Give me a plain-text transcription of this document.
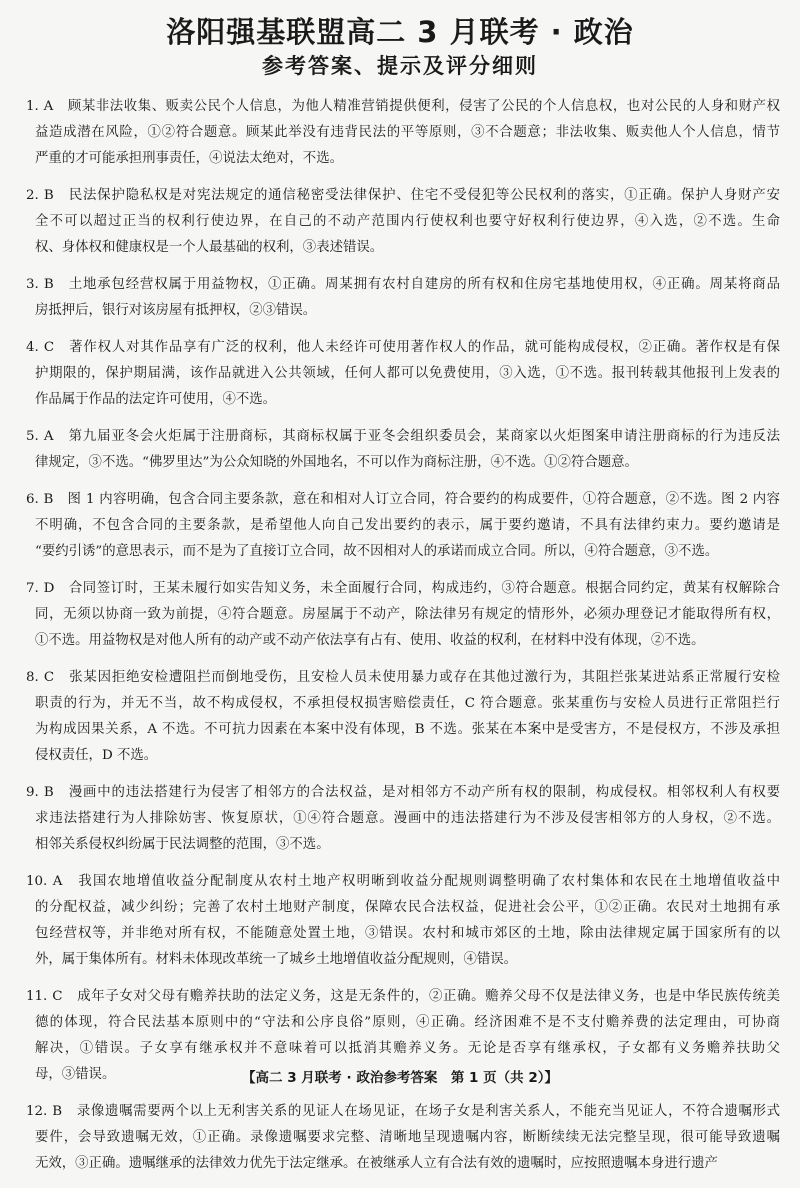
洛阳强基联盟高二 3 月联考 · 政治
参考答案、提示及评分细则
1. A　顾某非法收集、贩卖公民个人信息，为他人精准营销提供便利，侵害了公民的个人信息权，也对公民的人身和财产权
益造成潜在风险，①②符合题意。顾某此举没有违背民法的平等原则，③不合题意；非法收集、贩卖他人个人信息，情节
严重的才可能承担刑事责任，④说法太绝对，不选。
2. B　民法保护隐私权是对宪法规定的通信秘密受法律保护、住宅不受侵犯等公民权利的落实，①正确。保护人身财产安
全不可以超过正当的权利行使边界，在自己的不动产范围内行使权利也要守好权利行使边界，④入选，②不选。生命
权、身体权和健康权是一个人最基础的权利，③表述错误。
3. B　土地承包经营权属于用益物权，①正确。周某拥有农村自建房的所有权和住房宅基地使用权，④正确。周某将商品
房抵押后，银行对该房屋有抵押权，②③错误。
4. C　著作权人对其作品享有广泛的权利，他人未经许可使用著作权人的作品，就可能构成侵权，②正确。著作权是有保
护期限的，保护期届满，该作品就进入公共领域，任何人都可以免费使用，③入选，①不选。报刊转载其他报刊上发表的
作品属于作品的法定许可使用，④不选。
5. A　第九届亚冬会火炬属于注册商标，其商标权属于亚冬会组织委员会，某商家以火炬图案申请注册商标的行为违反法
律规定，③不选。“佛罗里达”为公众知晓的外国地名，不可以作为商标注册，④不选。①②符合题意。
6. B　图 1 内容明确，包含合同主要条款，意在和相对人订立合同，符合要约的构成要件，①符合题意，②不选。图 2 内容
不明确，不包含合同的主要条款，是希望他人向自己发出要约的表示，属于要约邀请，不具有法律约束力。要约邀请是
“要约引诱”的意思表示，而不是为了直接订立合同，故不因相对人的承诺而成立合同。所以，④符合题意，③不选。
7. D　合同签订时，王某未履行如实告知义务，未全面履行合同，构成违约，③符合题意。根据合同约定，黄某有权解除合
同，无须以协商一致为前提，④符合题意。房屋属于不动产，除法律另有规定的情形外，必须办理登记才能取得所有权，
①不选。用益物权是对他人所有的动产或不动产依法享有占有、使用、收益的权利，在材料中没有体现，②不选。
8. C　张某因拒绝安检遭阻拦而倒地受伤，且安检人员未使用暴力或存在其他过激行为，其阻拦张某进站系正常履行安检
职责的行为，并无不当，故不构成侵权，不承担侵权损害赔偿责任，C 符合题意。张某重伤与安检人员进行正常阻拦行
为构成因果关系，A 不选。不可抗力因素在本案中没有体现，B 不选。张某在本案中是受害方，不是侵权方，不涉及承担
侵权责任，D 不选。
9. B　漫画中的违法搭建行为侵害了相邻方的合法权益，是对相邻方不动产所有权的限制，构成侵权。相邻权利人有权要
求违法搭建行为人排除妨害、恢复原状，①④符合题意。漫画中的违法搭建行为不涉及侵害相邻方的人身权，②不选。
相邻关系侵权纠纷属于民法调整的范围，③不选。
10. A　我国农地增值收益分配制度从农村土地产权明晰到收益分配规则调整明确了农村集体和农民在土地增值收益中
的分配权益，减少纠纷；完善了农村土地财产制度，保障农民合法权益，促进社会公平，①②正确。农民对土地拥有承
包经营权等，并非绝对所有权，不能随意处置土地，③错误。农村和城市郊区的土地，除由法律规定属于国家所有的以
外，属于集体所有。材料未体现改革统一了城乡土地增值收益分配规则，④错误。
11. C　成年子女对父母有赡养扶助的法定义务，这是无条件的，②正确。赡养父母不仅是法律义务，也是中华民族传统美
德的体现，符合民法基本原则中的“守法和公序良俗”原则，④正确。经济困难不是不支付赡养费的法定理由，可协商
解决，①错误。子女享有继承权并不意味着可以抵消其赡养义务。无论是否享有继承权，子女都有义务赡养扶助父
母，③错误。
12. B　录像遗嘱需要两个以上无利害关系的见证人在场见证，在场子女是利害关系人，不能充当见证人，不符合遗嘱形式
要件，会导致遗嘱无效，①正确。录像遗嘱要求完整、清晰地呈现遗嘱内容，断断续续无法完整呈现，很可能导致遗嘱
无效，③正确。遗嘱继承的法律效力优先于法定继承。在被继承人立有合法有效的遗嘱时，应按照遗嘱本身进行遗产
【高二 3 月联考 · 政治参考答案　第 1 页（共 2）】
